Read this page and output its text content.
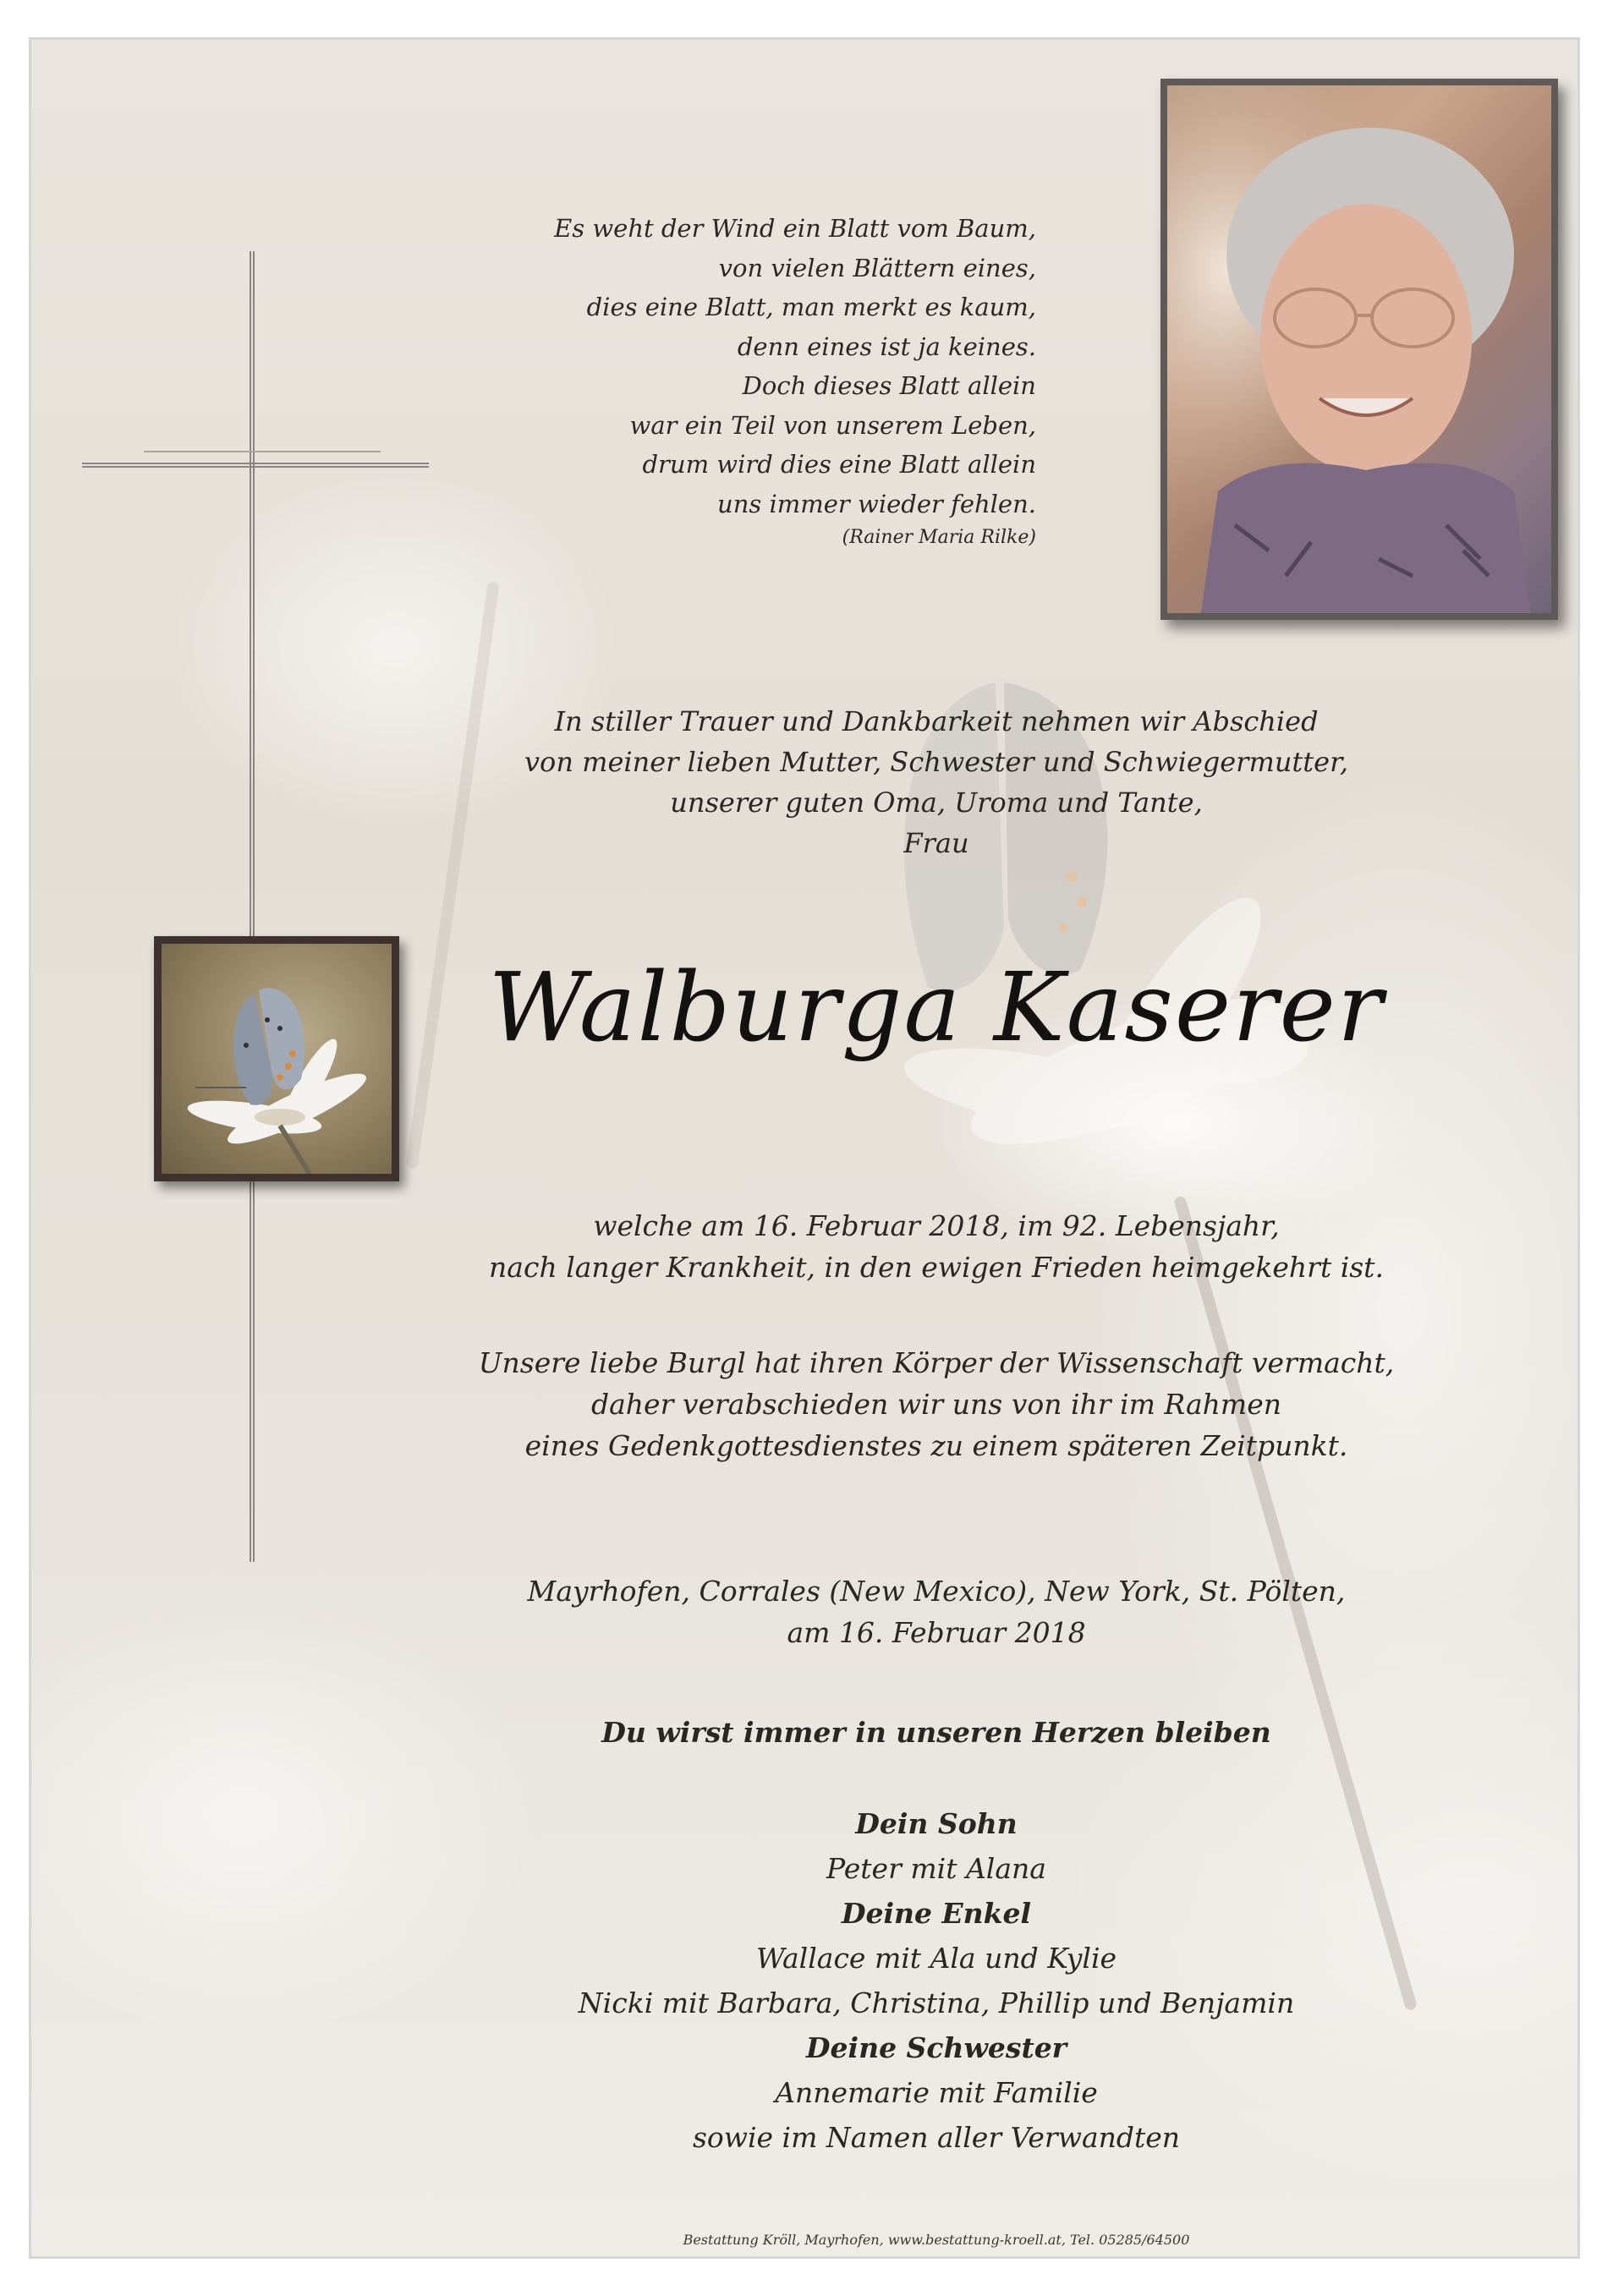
Es weht der Wind ein Blatt vom Baum,
von vielen Blättern eines,
dies eine Blatt, man merkt es kaum,
denn eines ist ja keines.
Doch dieses Blatt allein
war ein Teil von unserem Leben,
drum wird dies eine Blatt allein
uns immer wieder fehlen.
(Rainer Maria Rilke)
In stiller Trauer und Dankbarkeit nehmen wir Abschied
von meiner lieben Mutter, Schwester und Schwiegermutter,
unserer guten Oma, Uroma und Tante,
Frau
Walburga Kaserer
welche am 16. Februar 2018, im 92. Lebensjahr,
nach langer Krankheit, in den ewigen Frieden heimgekehrt ist.
Unsere liebe Burgl hat ihren Körper der Wissenschaft vermacht,
daher verabschieden wir uns von ihr im Rahmen
eines Gedenkgottesdienstes zu einem späteren Zeitpunkt.
Mayrhofen, Corrales (New Mexico), New York, St. Pölten,
am 16. Februar 2018
Du wirst immer in unseren Herzen bleiben
Dein Sohn
Peter mit Alana
Deine Enkel
Wallace mit Ala und Kylie
Nicki mit Barbara, Christina, Phillip und Benjamin
Deine Schwester
Annemarie mit Familie
sowie im Namen aller Verwandten
Bestattung Kröll, Mayrhofen, www.bestattung-kroell.at, Tel. 05285/64500
